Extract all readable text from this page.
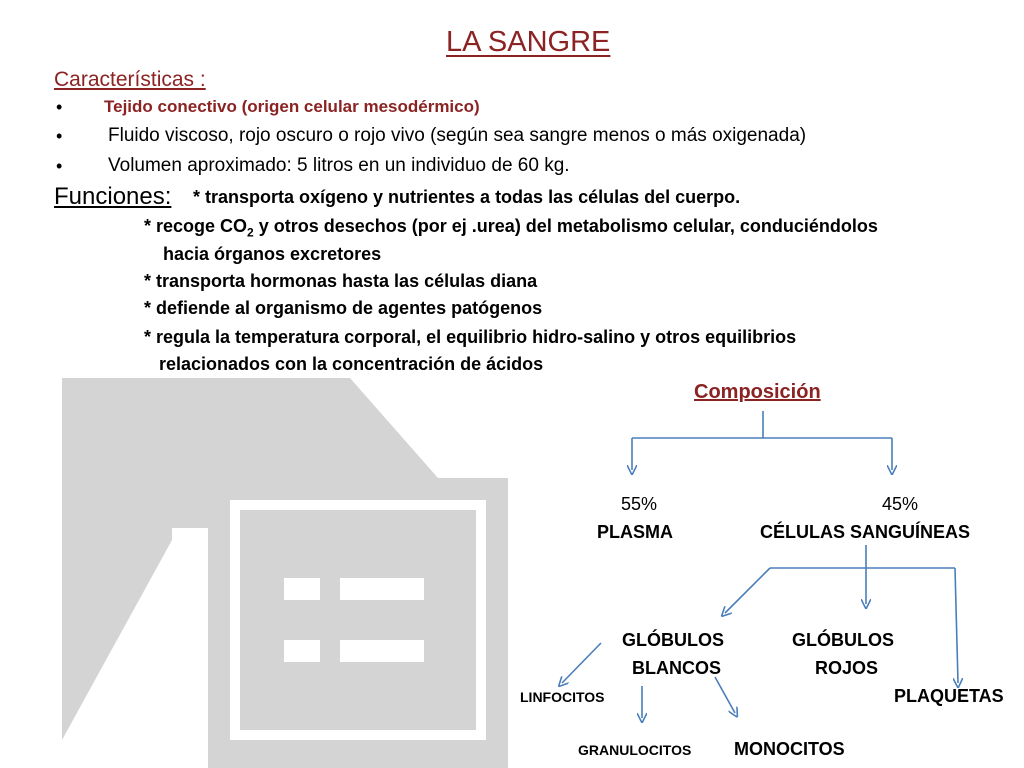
LA SANGRE
Características :
• Tejido conectivo (origen celular mesodérmico)
• Fluido viscoso, rojo oscuro o rojo vivo (según sea sangre menos o más oxigenada)
• Volumen aproximado: 5 litros en un individuo de 60 kg.
Funciones: * transporta oxígeno y nutrientes a todas las células del cuerpo.
* recoge $CO_2$ y otros desechos (por ej .urea) del metabolismo celular, conduciéndolos
hacia órganos excretores
* transporta hormonas hasta las células diana
* defiende al organismo de agentes patógenos
* regula la temperatura corporal, el equilibrio hidro-salino y otros equilibrios
relacionados con la concentración de ácidos
Composición
55%
PLASMA
45%
CÉLULAS SANGUÍNEAS
GLÓBULOS
BLANCOS
GLÓBULOS
ROJOS
PLAQUETAS
LINFOCITOS
GRANULOCITOS MONOCITOS
